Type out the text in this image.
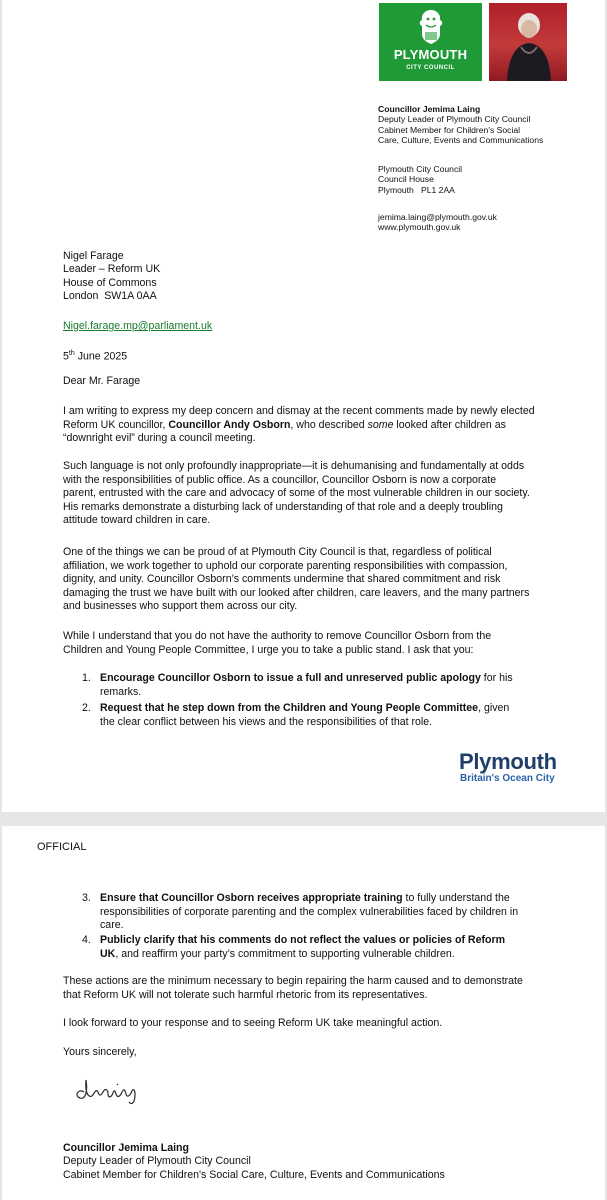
PLYMOUTH
CITY COUNCIL
Councillor Jemima Laing
Deputy Leader of Plymouth City Council
Cabinet Member for Children's Social
Care, Culture, Events and Communications
Plymouth City Council
Council House
Plymouth   PL1 2AA
jemima.laing@plymouth.gov.uk
www.plymouth.gov.uk
Nigel Farage
Leader – Reform UK
House of Commons
London  SW1A 0AA
Nigel.farage.mp@parliament.uk
5th June 2025
Dear Mr. Farage
I am writing to express my deep concern and dismay at the recent comments made by newly elected
Reform UK councillor, Councillor Andy Osborn, who described some looked after children as
“downright evil” during a council meeting.
Such language is not only profoundly inappropriate—it is dehumanising and fundamentally at odds
with the responsibilities of public office. As a councillor, Councillor Osborn is now a corporate
parent, entrusted with the care and advocacy of some of the most vulnerable children in our society.
His remarks demonstrate a disturbing lack of understanding of that role and a deeply troubling
attitude toward children in care.
One of the things we can be proud of at Plymouth City Council is that, regardless of political
affiliation, we work together to uphold our corporate parenting responsibilities with compassion,
dignity, and unity. Councillor Osborn’s comments undermine that shared commitment and risk
damaging the trust we have built with our looked after children, care leavers, and the many partners
and businesses who support them across our city.
While I understand that you do not have the authority to remove Councillor Osborn from the
Children and Young People Committee, I urge you to take a public stand. I ask that you:
1. Encourage Councillor Osborn to issue a full and unreserved public apology for his
remarks.
2. Request that he step down from the Children and Young People Committee, given
the clear conflict between his views and the responsibilities of that role.
Plymouth
Britain's Ocean City
OFFICIAL
3. Ensure that Councillor Osborn receives appropriate training to fully understand the
responsibilities of corporate parenting and the complex vulnerabilities faced by children in
care.
4. Publicly clarify that his comments do not reflect the values or policies of Reform
UK, and reaffirm your party’s commitment to supporting vulnerable children.
These actions are the minimum necessary to begin repairing the harm caused and to demonstrate
that Reform UK will not tolerate such harmful rhetoric from its representatives.
I look forward to your response and to seeing Reform UK take meaningful action.
Yours sincerely,
Councillor Jemima Laing
Deputy Leader of Plymouth City Council
Cabinet Member for Children's Social Care, Culture, Events and Communications
